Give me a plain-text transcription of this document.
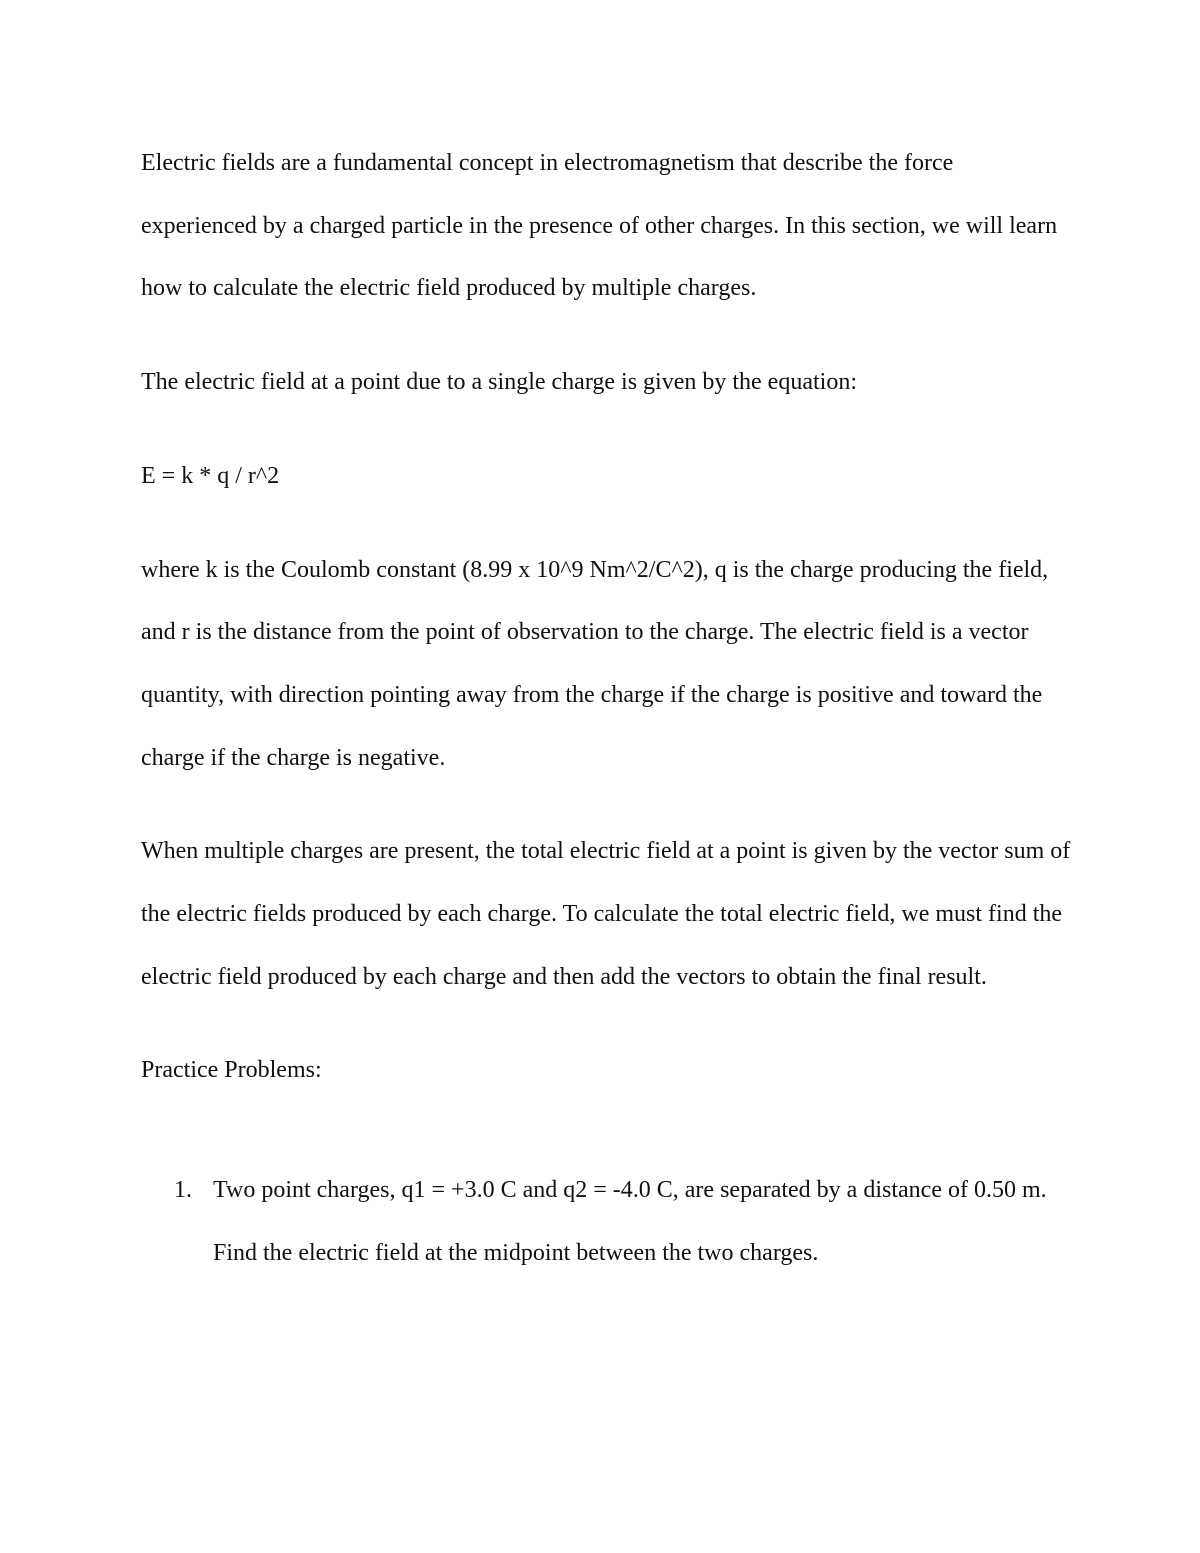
Electric fields are a fundamental concept in electromagnetism that describe the force experienced by a charged particle in the presence of other charges. In this section, we will learn how to calculate the electric field produced by multiple charges.

The electric field at a point due to a single charge is given by the equation:

E = k * q / r^2

where k is the Coulomb constant (8.99 x 10^9 Nm^2/C^2), q is the charge producing the field, and r is the distance from the point of observation to the charge. The electric field is a vector quantity, with direction pointing away from the charge if the charge is positive and toward the charge if the charge is negative.

When multiple charges are present, the total electric field at a point is given by the vector sum of the electric fields produced by each charge. To calculate the total electric field, we must find the electric field produced by each charge and then add the vectors to obtain the final result.

Practice Problems:

1. Two point charges, q1 = +3.0 C and q2 = -4.0 C, are separated by a distance of 0.50 m. Find the electric field at the midpoint between the two charges.
